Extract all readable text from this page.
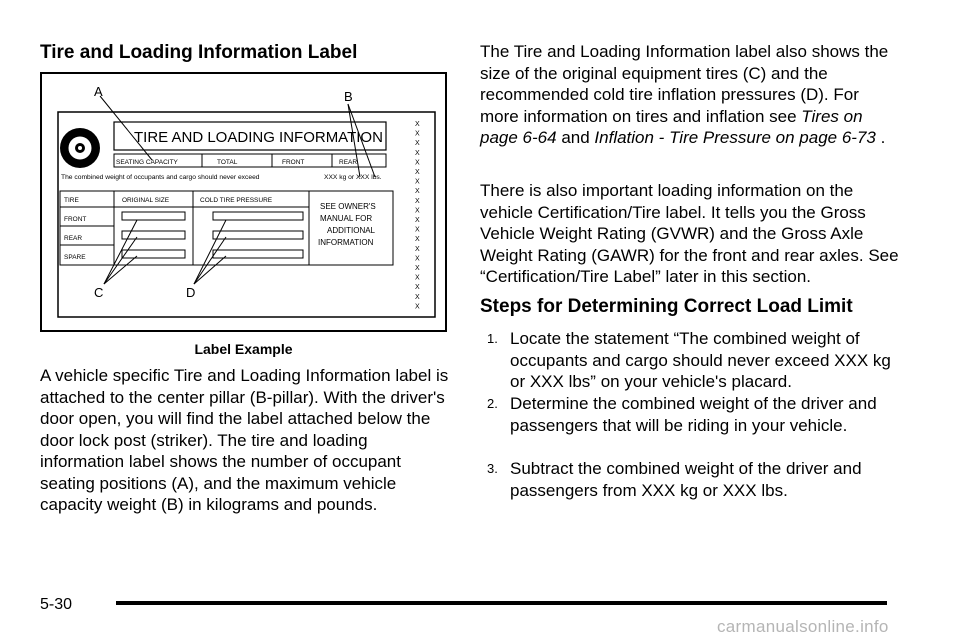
Tire and Loading Information Label
TIRE AND LOADING INFORMATION
SEATING CAPACITY	TOTAL	FRONT	REAR
The combined weight of occupants and cargo should never exceed	XXX kg or XXX lbs.
TIRE	ORIGINAL SIZE	COLD TIRE PRESSURE
FRONT
REAR
SPARE
SEE OWNER'S
MANUAL FOR
ADDITIONAL
INFORMATION
X
X
X
X
X
X
X
X
X
X
X
X
X
X
X
X
X
X
X
X
A	B
C	D
Label Example

A vehicle specific Tire and Loading Information label is attached to the center pillar (B-pillar). With the driver's door open, you will find the label attached below the door lock post (striker). The tire and loading information label shows the number of occupant seating positions (A), and the maximum vehicle capacity weight (B) in kilograms and pounds.

The Tire and Loading Information label also shows the size of the original equipment tires (C) and the recommended cold tire inflation pressures (D). For more information on tires and inflation see Tires on page 6-64 and Inflation - Tire Pressure on page 6-73 .

There is also important loading information on the vehicle Certification/Tire label. It tells you the Gross Vehicle Weight Rating (GVWR) and the Gross Axle Weight Rating (GAWR) for the front and rear axles. See “Certification/Tire Label” later in this section.

Steps for Determining Correct Load Limit
1. Locate the statement “The combined weight of occupants and cargo should never exceed XXX kg or XXX lbs” on your vehicle's placard.
2. Determine the combined weight of the driver and passengers that will be riding in your vehicle.
3. Subtract the combined weight of the driver and passengers from XXX kg or XXX lbs.
5-30
carmanualsonline.info
